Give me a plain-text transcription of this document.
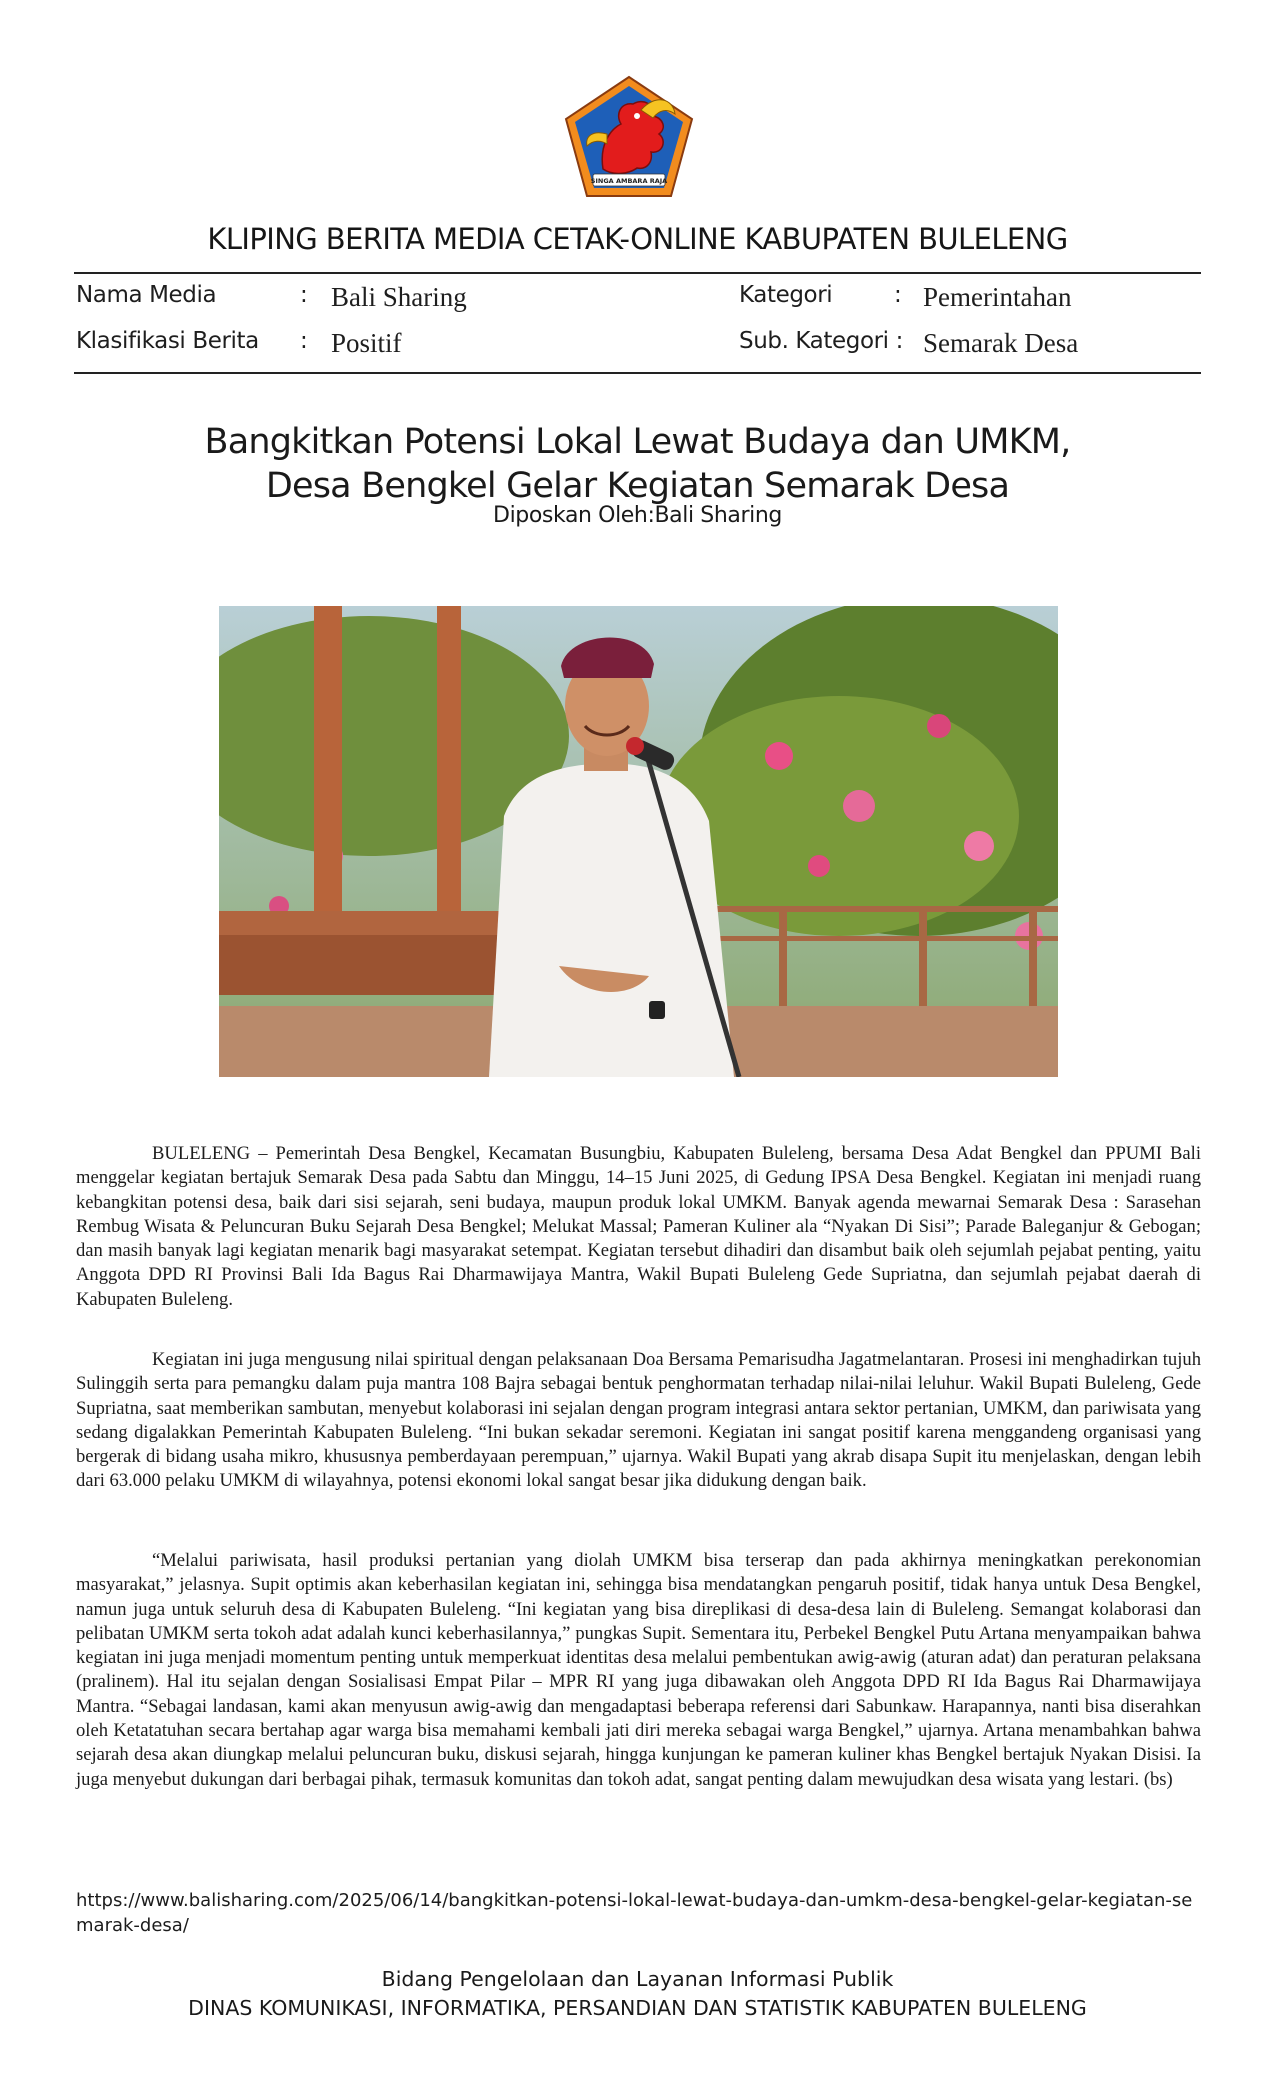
SINGA AMBARA RAJA
KLIPING BERITA MEDIA CETAK-ONLINE KABUPATEN BULELENG
Nama Media	: Bali Sharing	Kategori	: Pemerintahan
Klasifikasi Berita : Positif	Sub. Kategori : Semarak Desa
Bangkitkan Potensi Lokal Lewat Budaya dan UMKM,
Desa Bengkel Gelar Kegiatan Semarak Desa
Diposkan Oleh:Bali Sharing

BULELENG – Pemerintah Desa Bengkel, Kecamatan Busungbiu, Kabupaten Buleleng, bersama Desa Adat Bengkel dan PPUMI Bali menggelar kegiatan bertajuk Semarak Desa pada Sabtu dan Minggu, 14–15 Juni 2025, di Gedung IPSA Desa Bengkel. Kegiatan ini menjadi ruang kebangkitan potensi desa, baik dari sisi sejarah, seni budaya, maupun produk lokal UMKM. Banyak agenda mewarnai Semarak Desa : Sarasehan Rembug Wisata & Peluncuran Buku Sejarah Desa Bengkel; Melukat Massal; Pameran Kuliner ala “Nyakan Di Sisi”; Parade Baleganjur & Gebogan; dan masih banyak lagi kegiatan menarik bagi masyarakat setempat. Kegiatan tersebut dihadiri dan disambut baik oleh sejumlah pejabat penting, yaitu Anggota DPD RI Provinsi Bali Ida Bagus Rai Dharmawijaya Mantra, Wakil Bupati Buleleng Gede Supriatna, dan sejumlah pejabat daerah di Kabupaten Buleleng.

Kegiatan ini juga mengusung nilai spiritual dengan pelaksanaan Doa Bersama Pemarisudha Jagatmelantaran. Prosesi ini menghadirkan tujuh Sulinggih serta para pemangku dalam puja mantra 108 Bajra sebagai bentuk penghormatan terhadap nilai-nilai leluhur. Wakil Bupati Buleleng, Gede Supriatna, saat memberikan sambutan, menyebut kolaborasi ini sejalan dengan program integrasi antara sektor pertanian, UMKM, dan pariwisata yang sedang digalakkan Pemerintah Kabupaten Buleleng. “Ini bukan sekadar seremoni. Kegiatan ini sangat positif karena menggandeng organisasi yang bergerak di bidang usaha mikro, khususnya pemberdayaan perempuan,” ujarnya. Wakil Bupati yang akrab disapa Supit itu menjelaskan, dengan lebih dari 63.000 pelaku UMKM di wilayahnya, potensi ekonomi lokal sangat besar jika didukung dengan baik.

“Melalui pariwisata, hasil produksi pertanian yang diolah UMKM bisa terserap dan pada akhirnya meningkatkan perekonomian masyarakat,” jelasnya. Supit optimis akan keberhasilan kegiatan ini, sehingga bisa mendatangkan pengaruh positif, tidak hanya untuk Desa Bengkel, namun juga untuk seluruh desa di Kabupaten Buleleng. “Ini kegiatan yang bisa direplikasi di desa-desa lain di Buleleng. Semangat kolaborasi dan pelibatan UMKM serta tokoh adat adalah kunci keberhasilannya,” pungkas Supit. Sementara itu, Perbekel Bengkel Putu Artana menyampaikan bahwa kegiatan ini juga menjadi momentum penting untuk memperkuat identitas desa melalui pembentukan awig-awig (aturan adat) dan peraturan pelaksana (pralinem). Hal itu sejalan dengan Sosialisasi Empat Pilar – MPR RI yang juga dibawakan oleh Anggota DPD RI Ida Bagus Rai Dharmawijaya Mantra. “Sebagai landasan, kami akan menyusun awig-awig dan mengadaptasi beberapa referensi dari Sabunkaw. Harapannya, nanti bisa diserahkan oleh Ketatatuhan secara bertahap agar warga bisa memahami kembali jati diri mereka sebagai warga Bengkel,” ujarnya. Artana menambahkan bahwa sejarah desa akan diungkap melalui peluncuran buku, diskusi sejarah, hingga kunjungan ke pameran kuliner khas Bengkel bertajuk Nyakan Disisi. Ia juga menyebut dukungan dari berbagai pihak, termasuk komunitas dan tokoh adat, sangat penting dalam mewujudkan desa wisata yang lestari. (bs)

https://www.balisharing.com/2025/06/14/bangkitkan-potensi-lokal-lewat-budaya-dan-umkm-desa-bengkel-gelar-kegiatan-semarak-desa/
Bidang Pengelolaan dan Layanan Informasi Publik
DINAS KOMUNIKASI, INFORMATIKA, PERSANDIAN DAN STATISTIK KABUPATEN BULELENG
